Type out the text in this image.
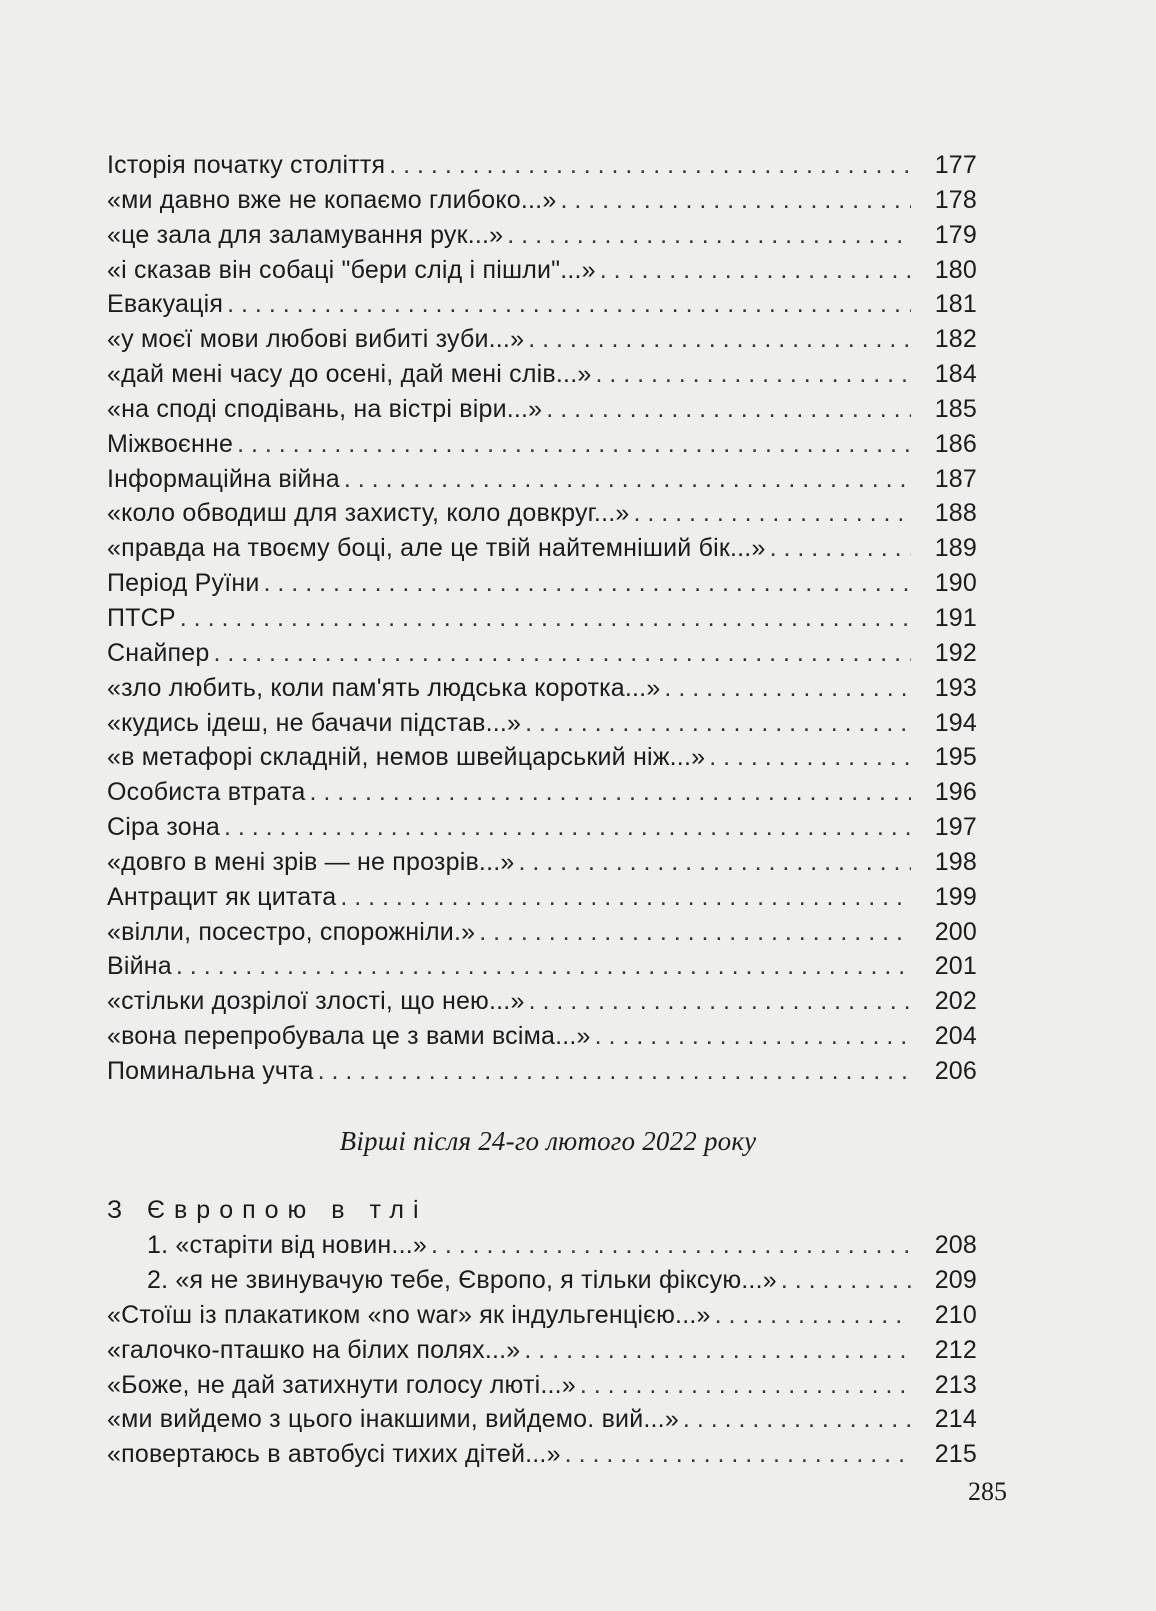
Історія початку століття . . .	177
«ми давно вже не копаємо глибоко...» . . .	178
«це зала для заламування рук...» . . .	179
«і сказав він собаці "бери слід і пішли"...» . . .	180
Евакуація . . .	181
«у моєї мови любові вибиті зуби...» . . .	182
«дай мені часу до осені, дай мені слів...» . . .	184
«на споді сподівань, на вістрі віри...» . . .	185
Міжвоєнне . . .	186
Інформаційна війна . . .	187
«коло обводиш для захисту, коло довкруг...» . . .	188
«правда на твоєму боці, але це твій найтемніший бік...» . . .	189
Період Руїни . . .	190
ПТСР . . .	191
Снайпер . . .	192
«зло любить, коли пам'ять людська коротка...» . . .	193
«кудись ідеш, не бачачи підстав...» . . .	194
«в метафорі складній, немов швейцарський ніж...» . . .	195
Особиста втрата . . .	196
Сіра зона . . .	197
«довго в мені зрів — не прозрів...» . . .	198
Антрацит як цитата . . .	199
«вілли, посестро, спорожніли.» . . .	200
Війна . . .	201
«стільки дозрілої злості, що нею...» . . .	202
«вона перепробувала це з вами всіма...» . . .	204
Поминальна учта . . .	206
Вірші після 24-го лютого 2022 року
З Європою в тлі
1. «старіти від новин...» . . .	208
2. «я не звинувачую тебе, Європо, я тільки фіксую...» . . .	209
«Стоїш із плакатиком «no war» як індульгенцією...» . . .	210
«галочко-пташко на білих полях...» . . .	212
«Боже, не дай затихнути голосу люті...» . . .	213
«ми вийдемо з цього інакшими, вийдемо. вий...» . . .	214
«повертаюсь в автобусі тихих дітей...» . . .	215
285
